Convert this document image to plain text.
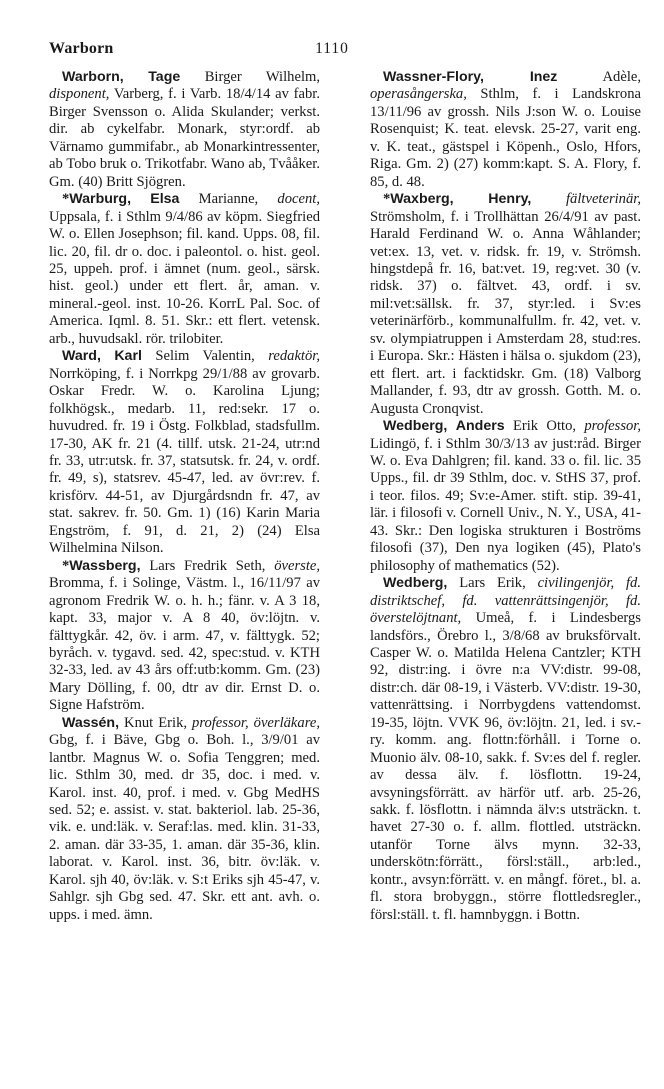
Warborn	1110

Warborn, Tage Birger Wilhelm, disponent, Varberg, f. i Varb. 18/4/14 av fabr. Birger Svensson o. Alida Skulander; verkst. dir. ab cykelfabr. Monark, styr:ordf. ab Värnamo gummifabr., ab Monarkintressenter, ab Tobo bruk o. Trikotfabr. Wano ab, Tvååker. Gm. (40) Britt Sjögren.

*Warburg, Elsa Marianne, docent, Uppsala, f. i Sthlm 9/4/86 av köpm. Siegfried W. o. Ellen Josephson; fil. kand. Upps. 08, fil. lic. 20, fil. dr o. doc. i paleontol. o. hist. geol. 25, uppeh. prof. i ämnet (num. geol., särsk. hist. geol.) under ett flert. år, aman. v. mineral.-geol. inst. 10-26. KorrL Pal. Soc. of America. Iqml. 8. 51. Skr.: ett flert. vetensk. arb., huvudsakl. rör. trilobiter.

Ward, Karl Selim Valentin, redaktör, Norrköping, f. i Norrkpg 29/1/88 av grovarb. Oskar Fredr. W. o. Karolina Ljung; folkhögsk., medarb. 11, red:sekr. 17 o. huvudred. fr. 19 i Östg. Folkblad, stadsfullm. 17-30, AK fr. 21 (4. tillf. utsk. 21-24, utr:nd fr. 33, utr:utsk. fr. 37, statsutsk. fr. 24, v. ordf. fr. 49, s), statsrev. 45-47, led. av övr:rev. f. krisförv. 44-51, av Djurgårdsndn fr. 47, av stat. sakrev. fr. 50. Gm. 1) (16) Karin Maria Engström, f. 91, d. 21, 2) (24) Elsa Wilhelmina Nilson.

*Wassberg, Lars Fredrik Seth, överste, Bromma, f. i Solinge, Västm. l., 16/11/97 av agronom Fredrik W. o. h. h.; fänr. v. A 3 18, kapt. 33, major v. A 8 40, öv:löjtn. v. fälttygkår. 42, öv. i arm. 47, v. fälttygk. 52; byråch. v. tygavd. sed. 42, spec:stud. v. KTH 32-33, led. av 43 års off:utb:komm. Gm. (23) Mary Dölling, f. 00, dtr av dir. Ernst D. o. Signe Hafström.

Wassén, Knut Erik, professor, överläkare, Gbg, f. i Bäve, Gbg o. Boh. l., 3/9/01 av lantbr. Magnus W. o. Sofia Tenggren; med. lic. Sthlm 30, med. dr 35, doc. i med. v. Karol. inst. 40, prof. i med. v. Gbg MedHS sed. 52; e. assist. v. stat. bakteriol. lab. 25-36, vik. e. und:läk. v. Seraf:las. med. klin. 31-33, 2. aman. där 33-35, 1. aman. där 35-36, klin. laborat. v. Karol. inst. 36, bitr. öv:läk. v. Karol. sjh 40, öv:läk. v. S:t Eriks sjh 45-47, v. Sahlgr. sjh Gbg sed. 47. Skr. ett ant. avh. o. upps. i med. ämn.

Wassner-Flory,	Inez	Adèle, operasångerska, Sthlm, f. i Landskrona 13/11/96 av grossh. Nils J:son W. o. Louise Rosenquist; K. teat. elevsk. 25-27, varit eng. v. K. teat., gästspel i Köpenh., Oslo, Hfors, Riga. Gm. 2) (27) komm:kapt. S. A. Flory, f. 85, d. 48.

*Waxberg, Henry, fältveterinär, Strömsholm, f. i Trollhättan 26/4/91 av past. Harald Ferdinand W. o. Anna Wåhlander; vet:ex. 13, vet. v. ridsk. fr. 19, v. Strömsh. hingstdepå fr. 16, bat:vet. 19, reg:vet. 30 (v. ridsk. 37) o. fältvet. 43, ordf. i sv. mil:vet:sällsk. fr. 37, styr:led. i Sv:es veterinärförb., kommunalfullm. fr. 42, vet. v. sv. olympiatruppen i Amsterdam 28, stud:res. i Europa. Skr.: Hästen i hälsa o. sjukdom (23), ett flert. art. i facktidskr. Gm. (18) Valborg Mallander, f. 93, dtr av grossh. Gotth. M. o. Augusta Cronqvist.

Wedberg, Anders Erik Otto, professor, Lidingö, f. i Sthlm 30/3/13 av just:råd. Birger W. o. Eva Dahlgren; fil. kand. 33 o. fil. lic. 35 Upps., fil. dr 39 Sthlm, doc. v. StHS 37, prof. i teor. filos. 49; Sv:e-Amer. stift. stip. 39-41, lär. i filosofi v. Cornell Univ., N. Y., USA, 41-43. Skr.: Den logiska strukturen i Boströms filosofi (37), Den nya logiken (45), Plato's philosophy of mathematics (52).

Wedberg, Lars Erik, civilingenjör, fd. distriktschef, fd. vattenrättsingenjör, fd. överstelöjtnant, Umeå, f. i Lindesbergs landsförs., Örebro l., 3/8/68 av bruksförvalt. Casper W. o. Matilda Helena Cantzler; KTH 92, distr:ing. i övre n:a VV:distr. 99-08, distr:ch. där 08-19, i Västerb. VV:distr. 19-30, vattenrättsing. i Norrbygdens vattendomst. 19-35, löjtn. VVK 96, öv:löjtn. 21, led. i sv.-ry. komm. ang. flottn:förhåll. i Torne o. Muonio älv. 08-10, sakk. f. Sv:es del f. regler. av dessa älv. f. lösflottn. 19-24, avsyningsförrätt. av härför utf. arb. 25-26, sakk. f. lösflottn. i nämnda älv:s utsträckn. t. havet 27-30 o. f. allm. flottled. utsträckn. utanför Torne älvs mynn. 32-33, underskötn:förrätt., försl:ställ., arb:led., kontr., avsyn:förrätt. v. en mångf. föret., bl. a. fl. stora brobyggn., större flottledsregler., försl:ställ. t. fl. hamnbyggn. i Bottn.
